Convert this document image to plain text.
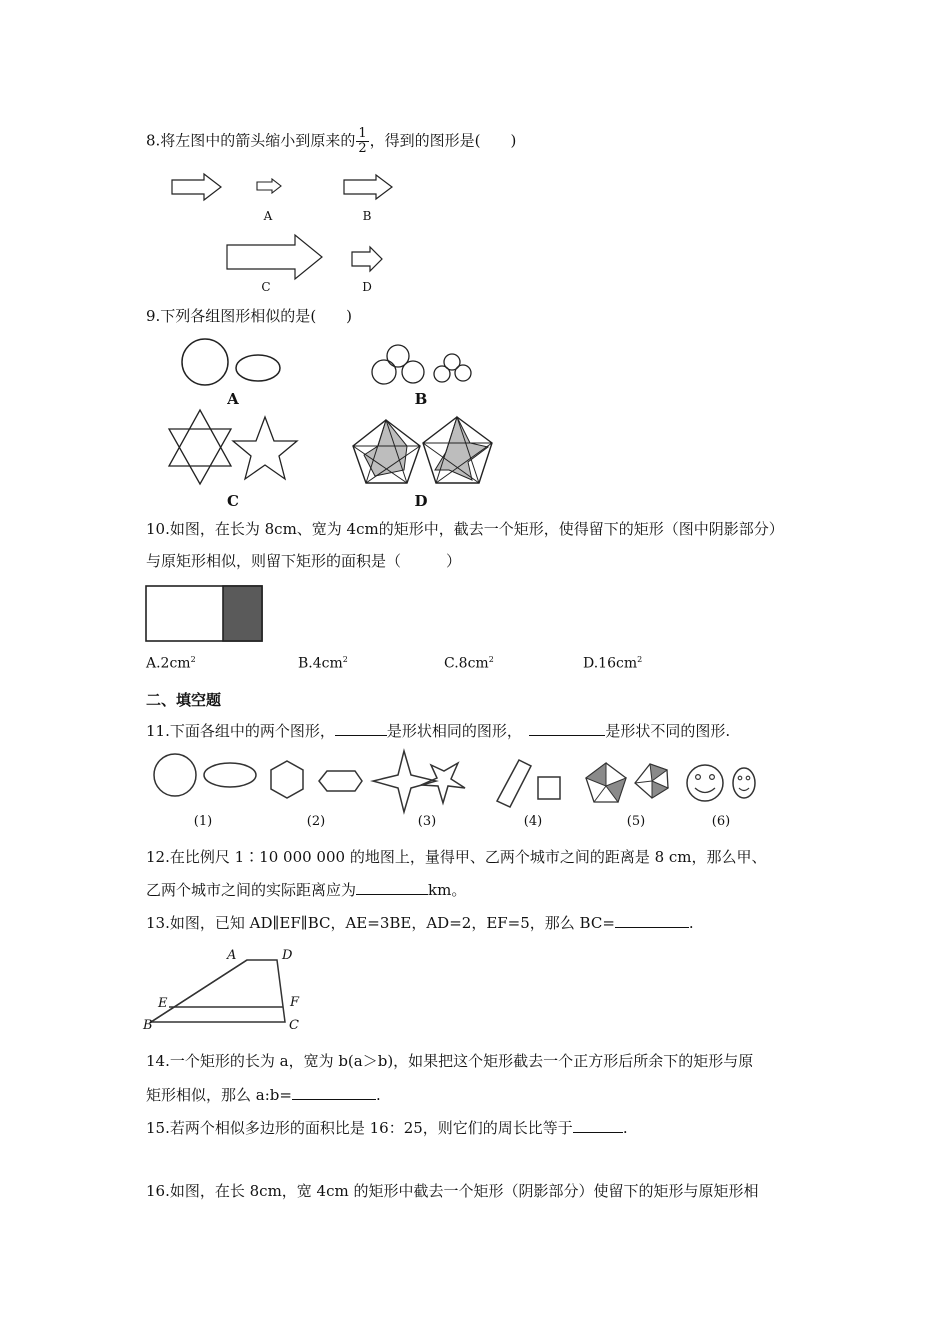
8.将左图中的箭头缩小到原来的 $\frac{1}{2}$ ，得到的图形是(　　)
A	B
C	D
9.下列各组图形相似的是(　　)
A	B
C	D
10.如图，在长为 8cm、宽为 4cm的矩形中，截去一个矩形，使得留下的矩形（图中阴影部分）
与原矩形相似，则留下矩形的面积是（　　　）
$A.2cm^2$	$B.4cm^2$	$C.8cm^2$	$D.16cm^2$
二、填空题
11.下面各组中的两个图形，	是形状相同的图形，　	是形状不同的图形.
(1)	(2)	(3)	(4)	(5)	(6)
12.在比例尺 1∶10 000 000 的地图上，量得甲、乙两个城市之间的距离是 8 cm，那么甲、
乙两个城市之间的实际距离应为	km。
13.如图，已知 AD∥EF∥BC，AE=3BE，AD=2，EF=5，那么 BC=	.
A	D
E	F
B	C
14.一个矩形的长为 a，宽为 b(a＞b)，如果把这个矩形截去一个正方形后所余下的矩形与原
矩形相似，那么 a:b=	.
15.若两个相似多边形的面积比是 16：25，则它们的周长比等于	.
16.如图，在长 8cm，宽 4cm 的矩形中截去一个矩形（阴影部分）使留下的矩形与原矩形相
